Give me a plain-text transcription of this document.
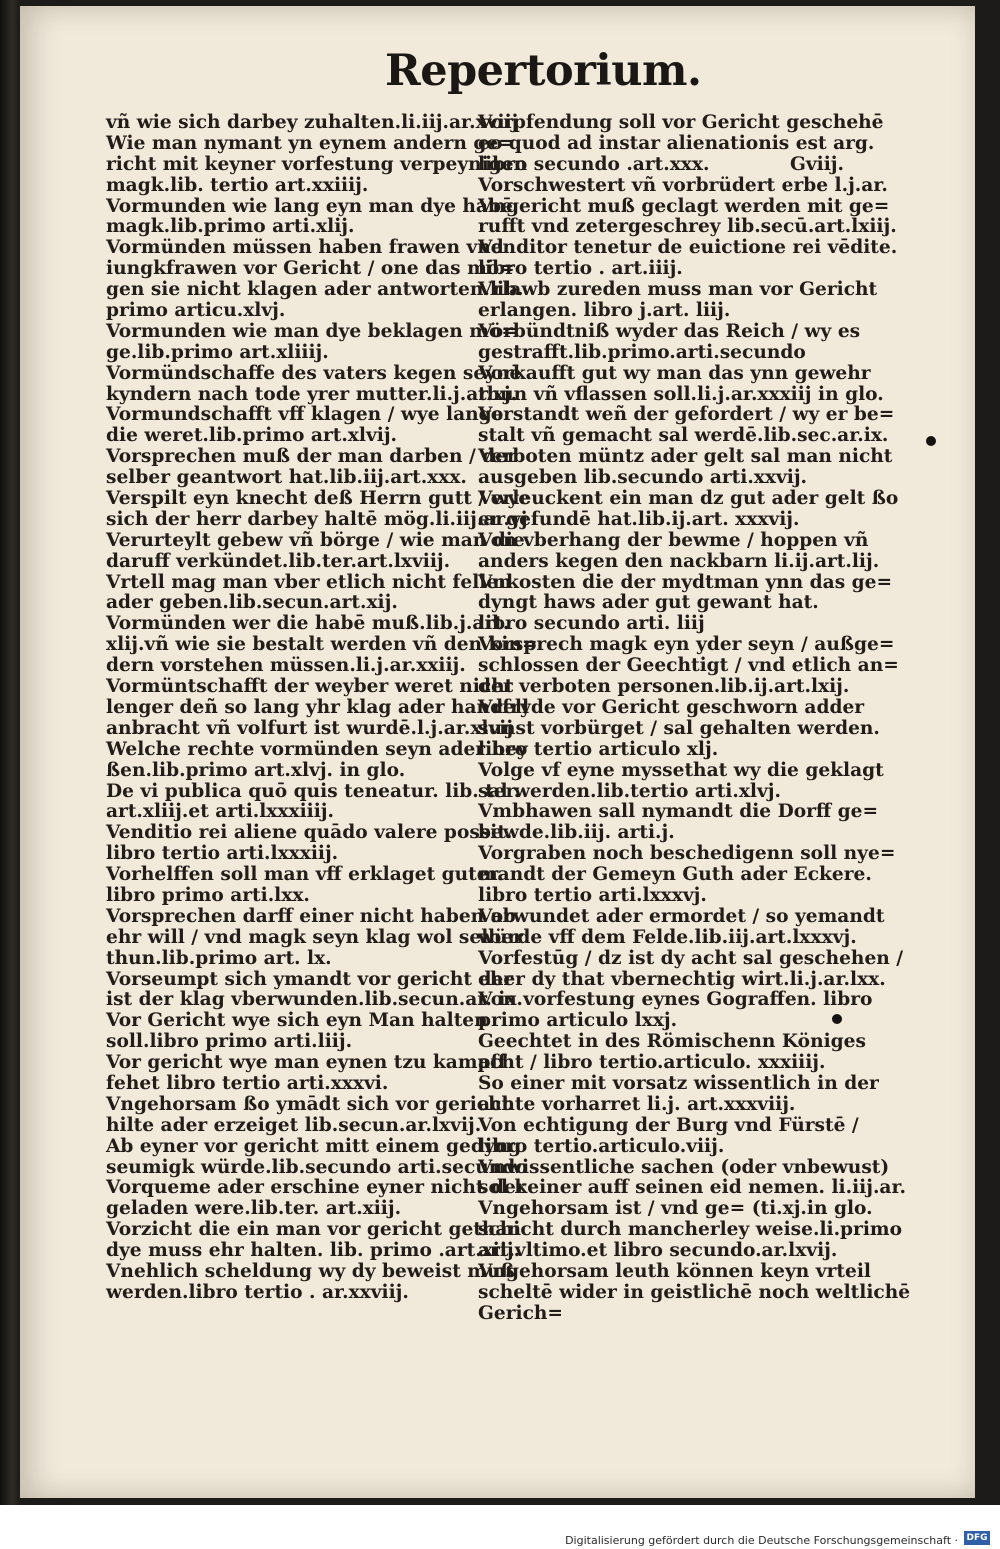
Repertorium.
vñ wie sich darbey zuhalten.li.iij.ar.xviij
Wie man nymant yn eynem andern ge=
richt mit keyner vorfestung verpeynigen
magk.lib. tertio art.xxiiij.
Vormunden wie lang eyn man dye habē
magk.lib.primo arti.xlij.
Vormünden müssen haben frawen vnd
iungkfrawen vor Gericht / one das mö=
gen sie nicht klagen ader antworten.lib.
primo articu.xlvj.
Vormunden wie man dye beklagen mö=
ge.lib.primo art.xliiij.
Vormündschaffe des vaters kegen seynē
kyndern nach tode yrer mutter.li.j.ar.xj.
Vormundschafft vff klagen / wye lange
die weret.lib.primo art.xlvij.
Vorsprechen muß der man darben / der
selber geantwort hat.lib.iij.art.xxx.
Verspilt eyn knecht deß Herrn gutt / wye
sich der herr darbey haltē mög.li.iij.ar.vj
Verurteylt gebew vñ börge / wie man die
daruff verkündet.lib.ter.art.lxviij.
Vrtell mag man vber etlich nicht fellen
ader geben.lib.secun.art.xij.
Vormünden wer die habē muß.lib.j.art.
xlij.vñ wie sie bestalt werden vñ den kin=
dern vorstehen müssen.li.j.ar.xxiij.
Vormüntschafft der weyber weret nicht
lenger deñ so lang yhr klag ader handell
anbracht vñ volfurt ist wurdē.l.j.ar.xlvij
Welche rechte vormünden seyn ader hey
ßen.lib.primo art.xlvj. in glo.
De vi publica quō quis teneatur. lib. ter.
art.xliij.et arti.lxxxiiij.
Venditio rei aliene quādo valere possit.
libro tertio arti.lxxxiij.
Vorhelffen soll man vff erklaget guter.
libro primo arti.lxx.
Vorsprechen darff einer nicht haben ab
ehr will / vnd magk seyn klag wol selber
thun.lib.primo art. lx.
Vorseumpt sich ymandt vor gericht der
ist der klag vberwunden.lib.secun.ar. ix.
Vor Gericht wye sich eyn Man halten
soll.libro primo arti.liij.
Vor gericht wye man eynen tzu kampff
fehet libro tertio arti.xxxvi.
Vngehorsam ßo ymādt sich vor gericht
hilte ader erzeiget lib.secun.ar.lxvij.
Ab eyner vor gericht mitt einem gedyng
seumigk würde.lib.secundo arti.secundo
Vorqueme ader erschine eyner nicht der
geladen were.lib.ter. art.xiij.
Vorzicht die ein man vor gericht gethan
dye muss ehr halten. lib. primo .art.xiij.
Vnehlich scheldung wy dy beweist muß
werden.libro tertio . ar.xxviij.
Vorpfendung soll vor Gericht geschehē
eo quod ad instar alienationis est arg.
libro secundo .art.xxx.
Vorschwestert vñ vorbrüdert erbe l.j.ar.
Vngericht muß geclagt werden mit ge=
rufft vnd zetergeschrey lib.secū.art.lxiij.
Venditor tenetur de euictione rei vēdite.
libro tertio . art.iiij.
Vrlawb zureden muss man vor Gericht
erlangen. libro j.art. liij.
Vorbündtniß wyder das Reich / wy es
gestrafft.lib.primo.arti.secundo
Vorkaufft gut wy man das ynn gewehr
thun vñ vflassen soll.li.j.ar.xxxiij in glo.
Vorstandt weñ der gefordert / wy er be=
stalt vñ gemacht sal werdē.lib.sec.ar.ix.
Verboten müntz ader gelt sal man nicht
ausgeben lib.secundo arti.xxvij.
Verleuckent ein man dz gut ader gelt ßo
er gefundē hat.lib.ij.art. xxxvij.
Von vberhang der bewme / hoppen vñ
anders kegen den nackbarn li.ij.art.lij.
Vnkosten die der mydtman ynn das ge=
dyngt haws ader gut gewant hat.
libro secundo arti. liij
Vorsprech magk eyn yder seyn / außge=
schlossen der Geechtigt / vnd etlich an=
der verboten personen.lib.ij.art.lxij.
Vrfryde vor Gericht geschworn adder
sunst vorbürget / sal gehalten werden.
libro tertio articulo xlj.
Volge vf eyne myssethat wy die geklagt
sal werden.lib.tertio arti.xlvj.
Vmbhawen sall nymandt die Dorff ge=
bewde.lib.iij. arti.j.
Vorgraben noch beschedigenn soll nye=
mandt der Gemeyn Guth ader Eckere.
libro tertio arti.lxxxvj.
Vorwundet ader ermordet / so yemandt
würde vff dem Felde.lib.iij.art.lxxxvj.
Vorfestūg / dz ist dy acht sal geschehen /
eher dy that vbernechtig wirt.li.j.ar.lxx.
Von vorfestung eynes Gograffen. libro
primo articulo lxxj.
Geechtet in des Römischenn Königes
acht / libro tertio.articulo. xxxiiij.
So einer mit vorsatz wissentlich in der
achte vorharret li.j. art.xxxviij.
Von echtigung der Burg vnd Fürstē /
libro tertio.articulo.viij.
Vnwissentliche sachen (oder vnbewust)
sol keiner auff seinen eid nemen. li.iij.ar.
Vngehorsam ist / vnd ge= (ti.xj.in glo.
schicht durch mancherley weise.li.primo
art.vltimo.et libro secundo.ar.lxvij.
Vngehorsam leuth können keyn vrteil
scheltē wider in geistlichē noch weltlichē
Gerich=
Gviij.
Digitalisierung gefördert durch die Deutsche Forschungsgemeinschaft · DFG
